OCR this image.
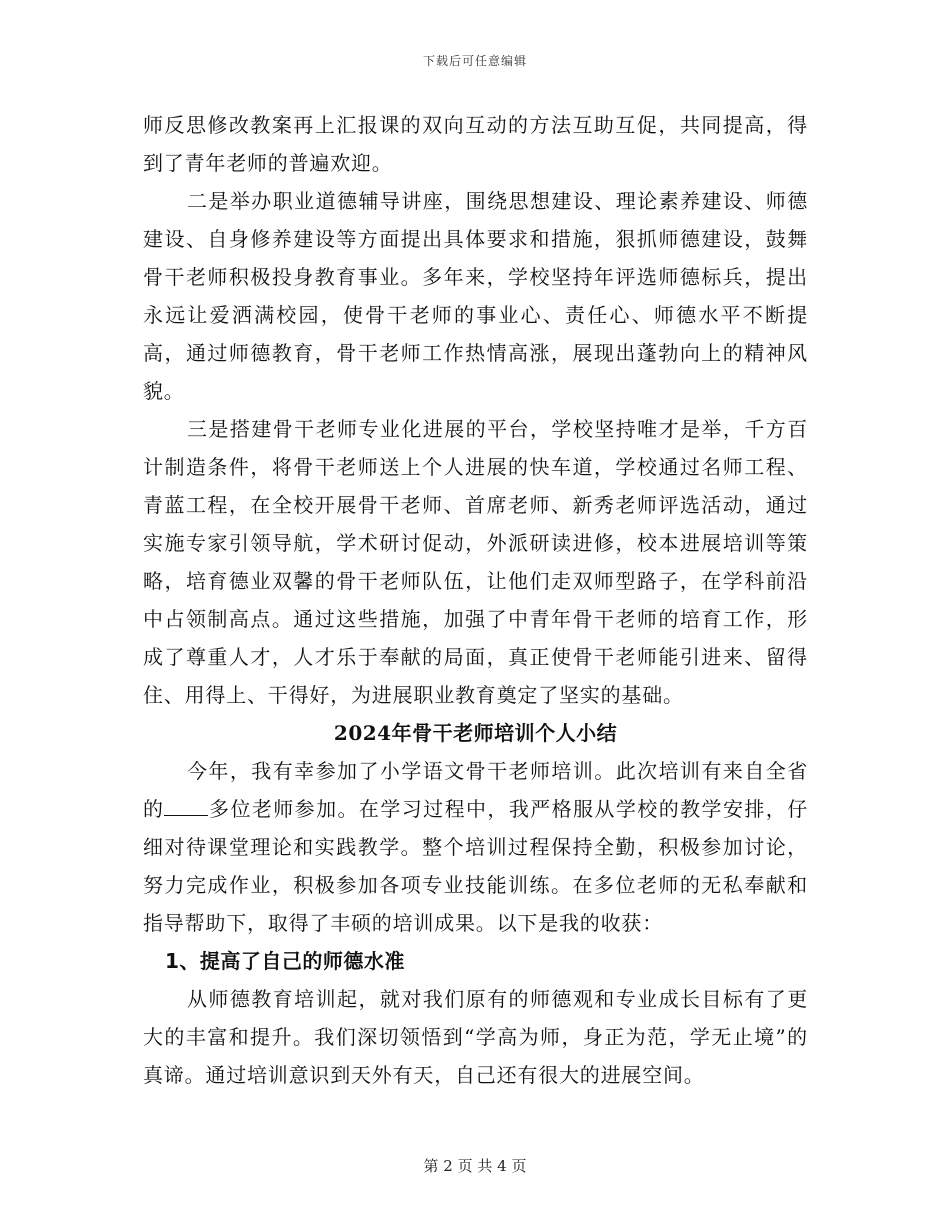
下载后可任意编辑

师反思修改教案再上汇报课的双向互动的方法互助互促，共同提高，得到了青年老师的普遍欢迎。

二是举办职业道德辅导讲座，围绕思想建设、理论素养建设、师德建设、自身修养建设等方面提出具体要求和措施，狠抓师德建设，鼓舞骨干老师积极投身教育事业。多年来，学校坚持年评选师德标兵，提出永远让爱洒满校园，使骨干老师的事业心、责任心、师德水平不断提高，通过师德教育，骨干老师工作热情高涨，展现出蓬勃向上的精神风貌。

三是搭建骨干老师专业化进展的平台，学校坚持唯才是举，千方百计制造条件，将骨干老师送上个人进展的快车道，学校通过名师工程、青蓝工程，在全校开展骨干老师、首席老师、新秀老师评选活动，通过实施专家引领导航，学术研讨促动，外派研读进修，校本进展培训等策略，培育德业双馨的骨干老师队伍，让他们走双师型路子，在学科前沿中占领制高点。通过这些措施，加强了中青年骨干老师的培育工作，形成了尊重人才，人才乐于奉献的局面，真正使骨干老师能引进来、留得住、用得上、干得好，为进展职业教育奠定了坚实的基础。

2024年骨干老师培训个人小结

今年，我有幸参加了小学语文骨干老师培训。此次培训有来自全省的 多位老师参加。在学习过程中，我严格服从学校的教学安排，仔细对待课堂理论和实践教学。整个培训过程保持全勤，积极参加讨论，努力完成作业，积极参加各项专业技能训练。在多位老师的无私奉献和指导帮助下，取得了丰硕的培训成果。以下是我的收获：

1、提高了自己的师德水准

从师德教育培训起，就对我们原有的师德观和专业成长目标有了更大的丰富和提升。我们深切领悟到“学高为师，身正为范，学无止境”的真谛。通过培训意识到天外有天，自己还有很大的进展空间。

第 2 页 共 4 页
